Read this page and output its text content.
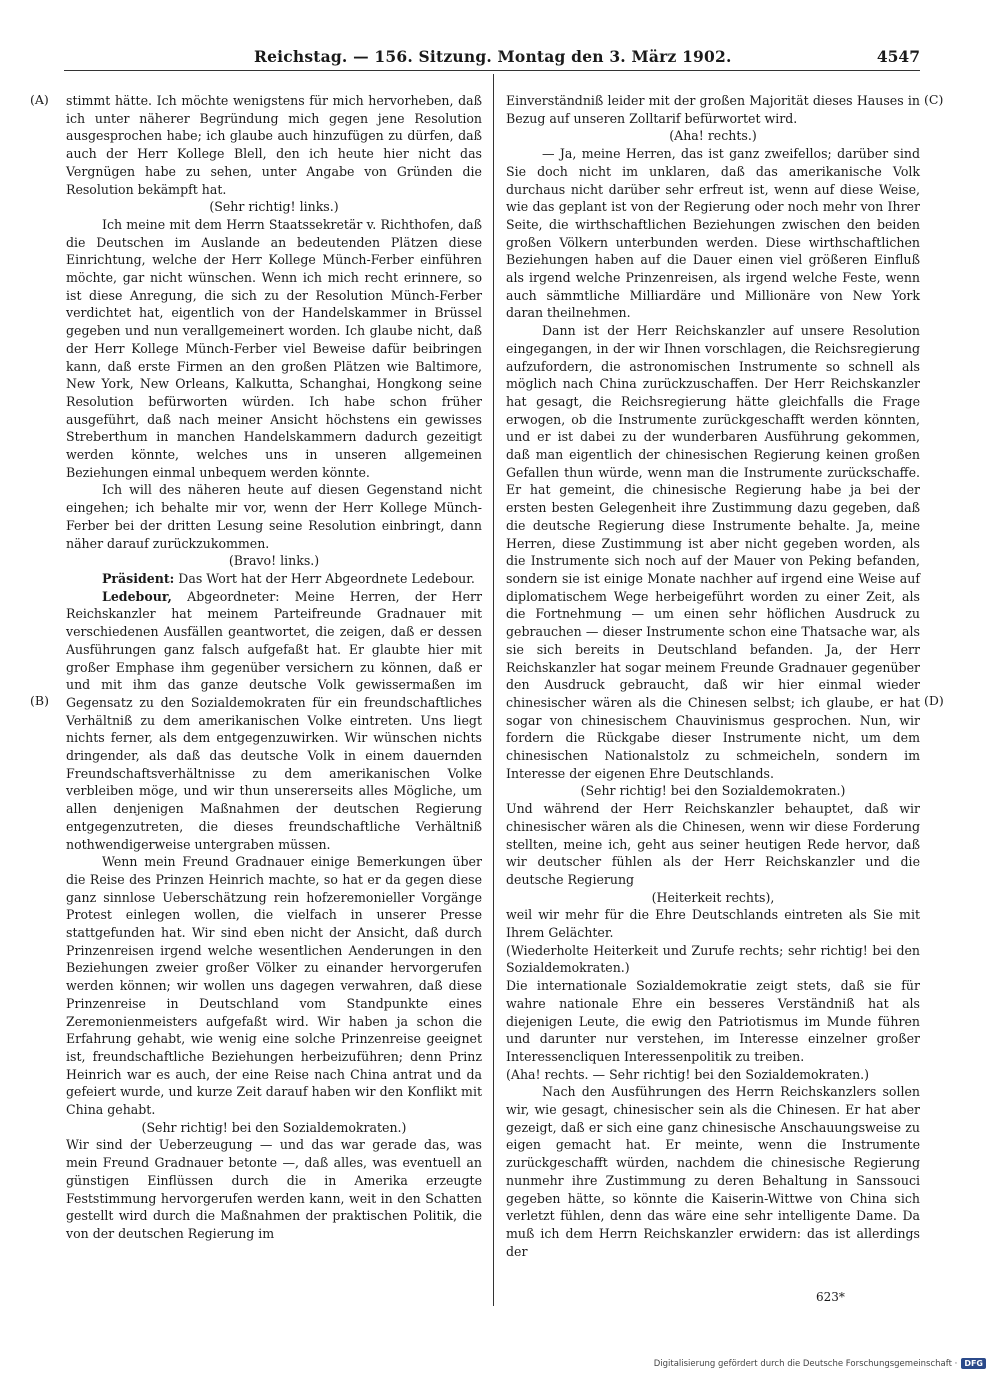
Reichstag. — 156. Sitzung. Montag den 3. März 1902.	4547
(A)
(B)
(C)
(D)

stimmt hätte. Ich möchte wenigstens für mich hervorheben, daß ich unter näherer Begründung mich gegen jene Resolution ausgesprochen habe; ich glaube auch hinzufügen zu dürfen, daß auch der Herr Kollege Blell, den ich heute hier nicht das Vergnügen habe zu sehen, unter Angabe von Gründen die Resolution bekämpft hat.

(Sehr richtig! links.)

Ich meine mit dem Herrn Staatssekretär v. Richthofen, daß die Deutschen im Auslande an bedeutenden Plätzen diese Einrichtung, welche der Herr Kollege Münch-Ferber einführen möchte, gar nicht wünschen. Wenn ich mich recht erinnere, so ist diese Anregung, die sich zu der Resolution Münch-Ferber verdichtet hat, eigentlich von der Handelskammer in Brüssel gegeben und nun verallgemeinert worden. Ich glaube nicht, daß der Herr Kollege Münch-Ferber viel Beweise dafür beibringen kann, daß erste Firmen an den großen Plätzen wie Baltimore, New York, New Orleans, Kalkutta, Schanghai, Hongkong seine Resolution befürworten würden. Ich habe schon früher ausgeführt, daß nach meiner Ansicht höchstens ein gewisses Streberthum in manchen Handelskammern dadurch gezeitigt werden könnte, welches uns in unseren allgemeinen Beziehungen einmal unbequem werden könnte.

Ich will des näheren heute auf diesen Gegenstand nicht eingehen; ich behalte mir vor, wenn der Herr Kollege Münch-Ferber bei der dritten Lesung seine Resolution einbringt, dann näher darauf zurückzukommen.

(Bravo! links.)

Präsident: Das Wort hat der Herr Abgeordnete Ledebour.

Ledebour, Abgeordneter: Meine Herren, der Herr Reichskanzler hat meinem Parteifreunde Gradnauer mit verschiedenen Ausfällen geantwortet, die zeigen, daß er dessen Ausführungen ganz falsch aufgefaßt hat. Er glaubte hier mit großer Emphase ihm gegenüber versichern zu können, daß er und mit ihm das ganze deutsche Volk gewissermaßen im Gegensatz zu den Sozialdemokraten für ein freundschaftliches Verhältniß zu dem amerikanischen Volke eintreten. Uns liegt nichts ferner, als dem entgegenzuwirken. Wir wünschen nichts dringender, als daß das deutsche Volk in einem dauernden Freundschaftsverhältnisse zu dem amerikanischen Volke verbleiben möge, und wir thun unsererseits alles Mögliche, um allen denjenigen Maßnahmen der deutschen Regierung entgegenzutreten, die dieses freundschaftliche Verhältniß nothwendigerweise untergraben müssen.

Wenn mein Freund Gradnauer einige Bemerkungen über die Reise des Prinzen Heinrich machte, so hat er da gegen diese ganz sinnlose Ueberschätzung rein hofzeremonieller Vorgänge Protest einlegen wollen, die vielfach in unserer Presse stattgefunden hat. Wir sind eben nicht der Ansicht, daß durch Prinzenreisen irgend welche wesentlichen Aenderungen in den Beziehungen zweier großer Völker zu einander hervorgerufen werden können; wir wollen uns dagegen verwahren, daß diese Prinzenreise in Deutschland vom Standpunkte eines Zeremonienmeisters aufgefaßt wird. Wir haben ja schon die Erfahrung gehabt, wie wenig eine solche Prinzenreise geeignet ist, freundschaftliche Beziehungen herbeizuführen; denn Prinz Heinrich war es auch, der eine Reise nach China antrat und da gefeiert wurde, und kurze Zeit darauf haben wir den Konflikt mit China gehabt.

(Sehr richtig! bei den Sozialdemokraten.)

Wir sind der Ueberzeugung — und das war gerade das, was mein Freund Gradnauer betonte —, daß alles, was eventuell an günstigen Einflüssen durch die in Amerika erzeugte Feststimmung hervorgerufen werden kann, weit in den Schatten gestellt wird durch die Maßnahmen der praktischen Politik, die von der deutschen Regierung im

Einverständniß leider mit der großen Majorität dieses Hauses in Bezug auf unseren Zolltarif befürwortet wird.

(Aha! rechts.)

— Ja, meine Herren, das ist ganz zweifellos; darüber sind Sie doch nicht im unklaren, daß das amerikanische Volk durchaus nicht darüber sehr erfreut ist, wenn auf diese Weise, wie das geplant ist von der Regierung oder noch mehr von Ihrer Seite, die wirthschaftlichen Beziehungen zwischen den beiden großen Völkern unterbunden werden. Diese wirthschaftlichen Beziehungen haben auf die Dauer einen viel größeren Einfluß als irgend welche Prinzenreisen, als irgend welche Feste, wenn auch sämmtliche Milliardäre und Millionäre von New York daran theilnehmen.

Dann ist der Herr Reichskanzler auf unsere Resolution eingegangen, in der wir Ihnen vorschlagen, die Reichsregierung aufzufordern, die astronomischen Instrumente so schnell als möglich nach China zurückzuschaffen. Der Herr Reichskanzler hat gesagt, die Reichsregierung hätte gleichfalls die Frage erwogen, ob die Instrumente zurückgeschafft werden könnten, und er ist dabei zu der wunderbaren Ausführung gekommen, daß man eigentlich der chinesischen Regierung keinen großen Gefallen thun würde, wenn man die Instrumente zurückschaffe. Er hat gemeint, die chinesische Regierung habe ja bei der ersten besten Gelegenheit ihre Zustimmung dazu gegeben, daß die deutsche Regierung diese Instrumente behalte. Ja, meine Herren, diese Zustimmung ist aber nicht gegeben worden, als die Instrumente sich noch auf der Mauer von Peking befanden, sondern sie ist einige Monate nachher auf irgend eine Weise auf diplomatischem Wege herbeigeführt worden zu einer Zeit, als die Fortnehmung — um einen sehr höflichen Ausdruck zu gebrauchen — dieser Instrumente schon eine Thatsache war, als sie sich bereits in Deutschland befanden. Ja, der Herr Reichskanzler hat sogar meinem Freunde Gradnauer gegenüber den Ausdruck gebraucht, daß wir hier einmal wieder chinesischer wären als die Chinesen selbst; ich glaube, er hat sogar von chinesischem Chauvinismus gesprochen. Nun, wir fordern die Rückgabe dieser Instrumente nicht, um dem chinesischen Nationalstolz zu schmeicheln, sondern im Interesse der eigenen Ehre Deutschlands.

(Sehr richtig! bei den Sozialdemokraten.)

Und während der Herr Reichskanzler behauptet, daß wir chinesischer wären als die Chinesen, wenn wir diese Forderung stellten, meine ich, geht aus seiner heutigen Rede hervor, daß wir deutscher fühlen als der Herr Reichskanzler und die deutsche Regierung

(Heiterkeit rechts),

weil wir mehr für die Ehre Deutschlands eintreten als Sie mit Ihrem Gelächter.

(Wiederholte Heiterkeit und Zurufe rechts; sehr richtig! bei den Sozialdemokraten.)

Die internationale Sozialdemokratie zeigt stets, daß sie für wahre nationale Ehre ein besseres Verständniß hat als diejenigen Leute, die ewig den Patriotismus im Munde führen und darunter nur verstehen, im Interesse einzelner großer Interessencliquen Interessenpolitik zu treiben.

(Aha! rechts. — Sehr richtig! bei den Sozialdemokraten.)

Nach den Ausführungen des Herrn Reichskanzlers sollen wir, wie gesagt, chinesischer sein als die Chinesen. Er hat aber gezeigt, daß er sich eine ganz chinesische Anschauungsweise zu eigen gemacht hat. Er meinte, wenn die Instrumente zurückgeschafft würden, nachdem die chinesische Regierung nunmehr ihre Zustimmung zu deren Behaltung in Sanssouci gegeben hätte, so könnte die Kaiserin-Wittwe von China sich verletzt fühlen, denn das wäre eine sehr intelligente Dame. Da muß ich dem Herrn Reichskanzler erwidern: das ist allerdings der

623*
Digitalisierung gefördert durch die Deutsche Forschungsgemeinschaft · DFG
